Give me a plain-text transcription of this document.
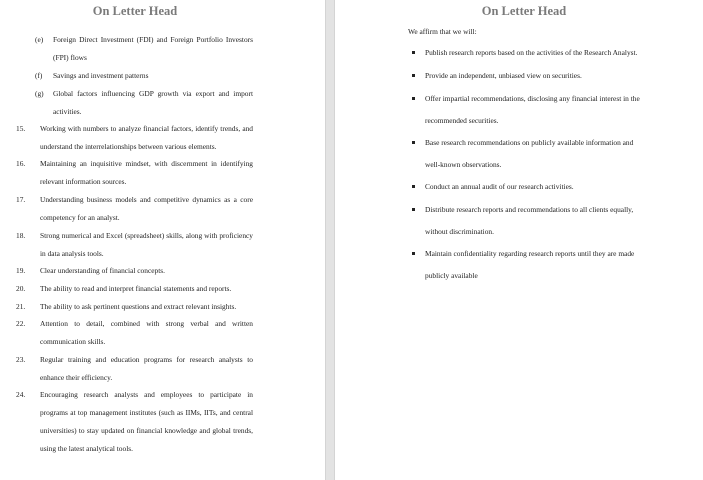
On Letter Head
(e) Foreign Direct Investment (FDI) and Foreign Portfolio Investors (FPI) flows
(f) Savings and investment patterns
(g) Global factors influencing GDP growth via export and import activities.
15. Working with numbers to analyze financial factors, identify trends, and understand the interrelationships between various elements.
16. Maintaining an inquisitive mindset, with discernment in identifying relevant information sources.
17. Understanding business models and competitive dynamics as a core competency for an analyst.
18. Strong numerical and Excel (spreadsheet) skills, along with proficiency in data analysis tools.
19. Clear understanding of financial concepts.
20. The ability to read and interpret financial statements and reports.
21. The ability to ask pertinent questions and extract relevant insights.
22. Attention to detail, combined with strong verbal and written communication skills.
23. Regular training and education programs for research analysts to enhance their efficiency.
24. Encouraging research analysts and employees to participate in programs at top management institutes (such as IIMs, IITs, and central universities) to stay updated on financial knowledge and global trends, using the latest analytical tools.
On Letter Head

We affirm that we will:

Publish research reports based on the activities of the Research Analyst.
Provide an independent, unbiased view on securities.
Offer impartial recommendations, disclosing any financial interest in the recommended securities.
Base research recommendations on publicly available information and well-known observations.
Conduct an annual audit of our research activities.
Distribute research reports and recommendations to all clients equally, without discrimination.
Maintain confidentiality regarding research reports until they are made publicly available
